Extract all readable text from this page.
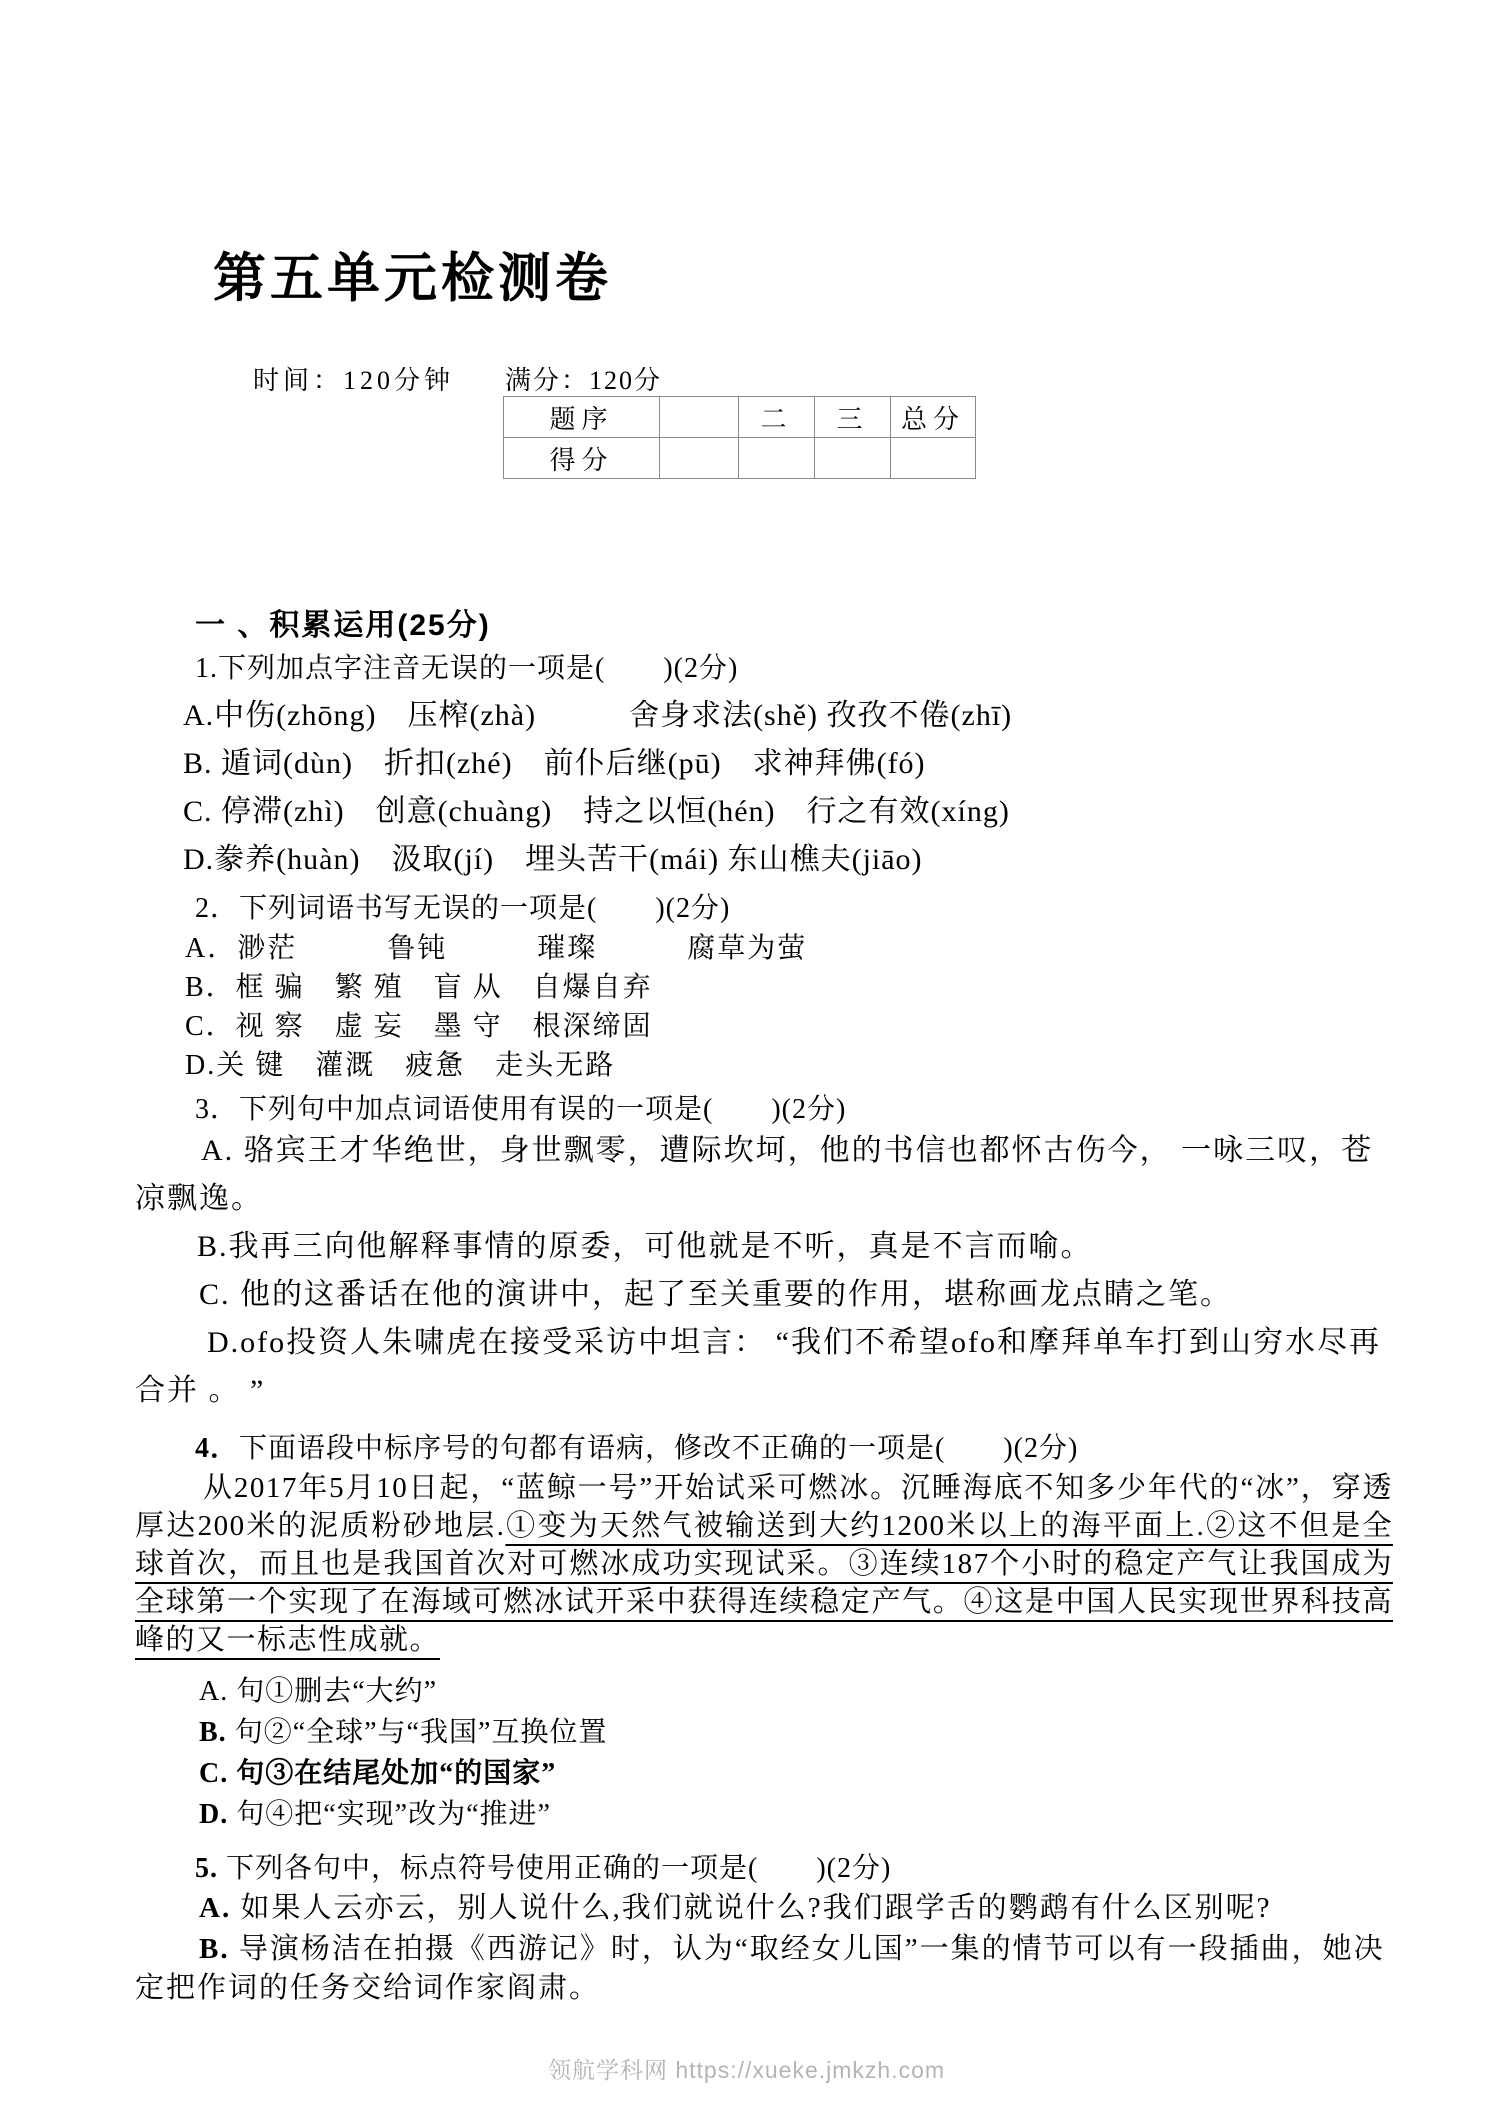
第五单元检测卷
时间：120分钟 满分：120分
题序		二	三	总分
得分				
一 、积累运用(25分)
1.下列加点字注音无误的一项是(　　)(2分)
A.中伤(zhōng)　压榨(zhà)　　　舍身求法(shě) 孜孜不倦(zhī)
B. 遁词(dùn)　折扣(zhé)　前仆后继(pū)　求神拜佛(fó)
C. 停滞(zhì)　创意(chuàng)　持之以恒(hén)　行之有效(xíng)
D.豢养(huàn)　汲取(jí)　埋头苦干(mái) 东山樵夫(jiāo)
2．下列词语书写无误的一项是(　　)(2分)
A．渺茫　　　鲁钝　　　璀璨　　　腐草为萤
B．框 骗　繁 殖　盲 从　自爆自弃
C．视 察　虚 妄　墨 守　根深缔固
D.关 键　灌溉　疲惫　走头无路
3．下列句中加点词语使用有误的一项是(　　)(2分)

A. 骆宾王才华绝世，身世飘零，遭际坎坷，他的书信也都怀古伤今， 一咏三叹，苍凉飘逸。

B.我再三向他解释事情的原委，可他就是不听，真是不言而喻。

C. 他的这番话在他的演讲中，起了至关重要的作用，堪称画龙点睛之笔。

D.ofo投资人朱啸虎在接受采访中坦言： “我们不希望ofo和摩拜单车打到山穷水尽再合并 。 ”

4．下面语段中标序号的句都有语病，修改不正确的一项是(　　)(2分)

从2017年5月10日起，“蓝鲸一号”开始试采可燃冰。沉睡海底不知多少年代的“冰”，穿透厚达200米的泥质粉砂地层.①变为天然气被输送到大约1200米以上的海平面上.②这不但是全球首次，而且也是我国首次对可燃冰成功实现试采。③连续187个小时的稳定产气让我国成为全球第一个实现了在海域可燃冰试开采中获得连续稳定产气。④这是中国人民实现世界科技高峰的又一标志性成就。

A. 句①删去“大约”
B. 句②“全球”与“我国”互换位置
C. 句③在结尾处加“的国家”
D. 句④把“实现”改为“推进”
5. 下列各句中，标点符号使用正确的一项是(　　)(2分)

A. 如果人云亦云，别人说什么,我们就说什么?我们跟学舌的鹦鹉有什么区别呢?

B. 导演杨洁在拍摄《西游记》时，认为“取经女儿国”一集的情节可以有一段插曲，她决定把作词的任务交给词作家阎肃。

领航学科网 https://xueke.jmkzh.com
